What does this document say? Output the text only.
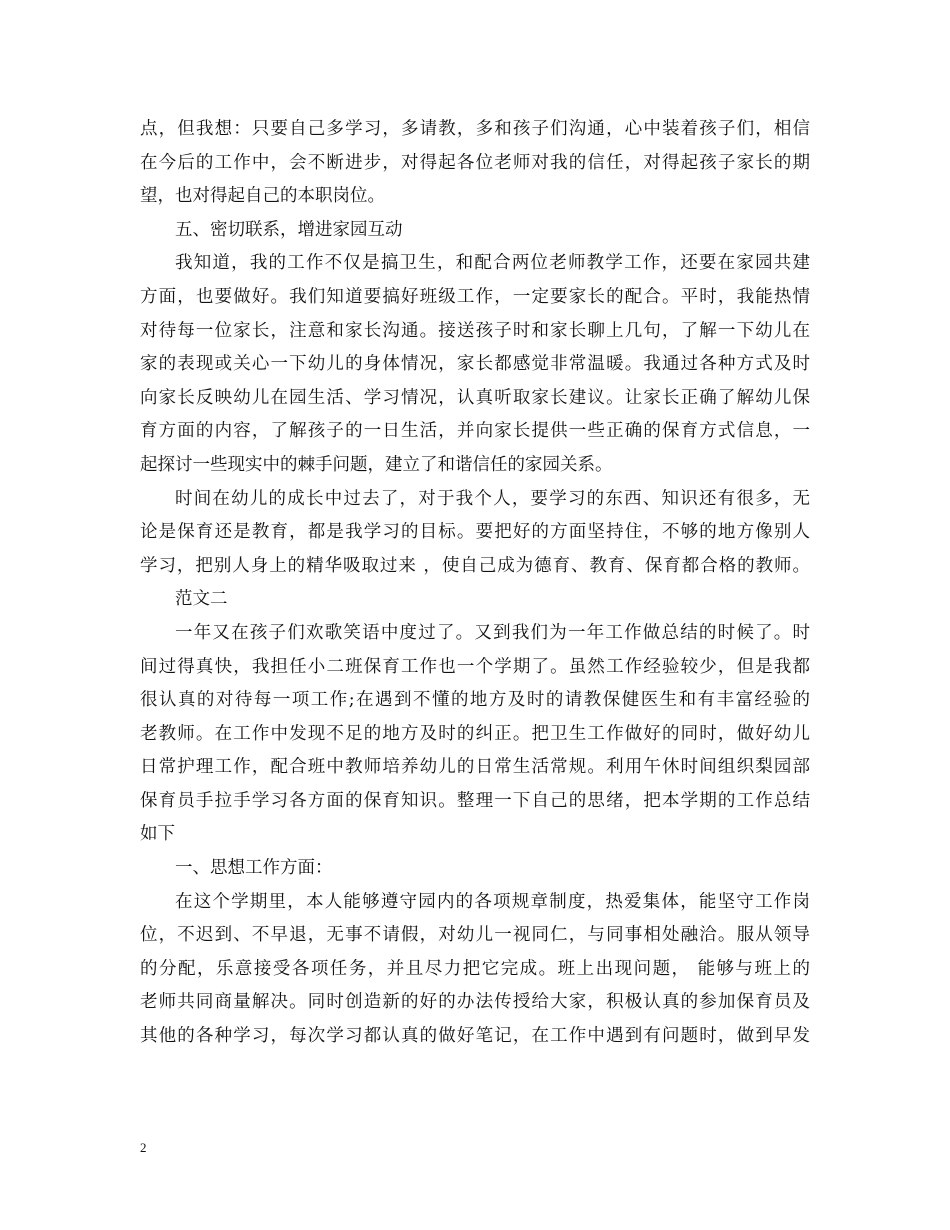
点，但我想：只要自己多学习，多请教，多和孩子们沟通，心中装着孩子们，相信
在今后的工作中，会不断进步，对得起各位老师对我的信任，对得起孩子家长的期
望，也对得起自己的本职岗位。
五、密切联系，增进家园互动
我知道，我的工作不仅是搞卫生，和配合两位老师教学工作，还要在家园共建
方面，也要做好。我们知道要搞好班级工作，一定要家长的配合。平时，我能热情
对待每一位家长，注意和家长沟通。接送孩子时和家长聊上几句，了解一下幼儿在
家的表现或关心一下幼儿的身体情况，家长都感觉非常温暖。我通过各种方式及时
向家长反映幼儿在园生活、学习情况，认真听取家长建议。让家长正确了解幼儿保
育方面的内容，了解孩子的一日生活，并向家长提供一些正确的保育方式信息，一
起探讨一些现实中的棘手问题，建立了和谐信任的家园关系。
时间在幼儿的成长中过去了，对于我个人，要学习的东西、知识还有很多，无
论是保育还是教育，都是我学习的目标。要把好的方面坚持住，不够的地方像别人
学习，把别人身上的精华吸取过来 ，使自己成为德育、教育、保育都合格的教师。
范文二
一年又在孩子们欢歌笑语中度过了。又到我们为一年工作做总结的时候了。时
间过得真快，我担任小二班保育工作也一个学期了。虽然工作经验较少，但是我都
很认真的对待每一项工作;在遇到不懂的地方及时的请教保健医生和有丰富经验的
老教师。在工作中发现不足的地方及时的纠正。把卫生工作做好的同时，做好幼儿
日常护理工作，配合班中教师培养幼儿的日常生活常规。利用午休时间组织梨园部
保育员手拉手学习各方面的保育知识。整理一下自己的思绪，把本学期的工作总结
如下
一、思想工作方面：
在这个学期里，本人能够遵守园内的各项规章制度，热爱集体，能坚守工作岗
位，不迟到、不早退，无事不请假，对幼儿一视同仁，与同事相处融洽。服从领导
的分配，乐意接受各项任务，并且尽力把它完成。班上出现问题， 能够与班上的
老师共同商量解决。同时创造新的好的办法传授给大家，积极认真的参加保育员及
其他的各种学习，每次学习都认真的做好笔记，在工作中遇到有问题时，做到早发
2
